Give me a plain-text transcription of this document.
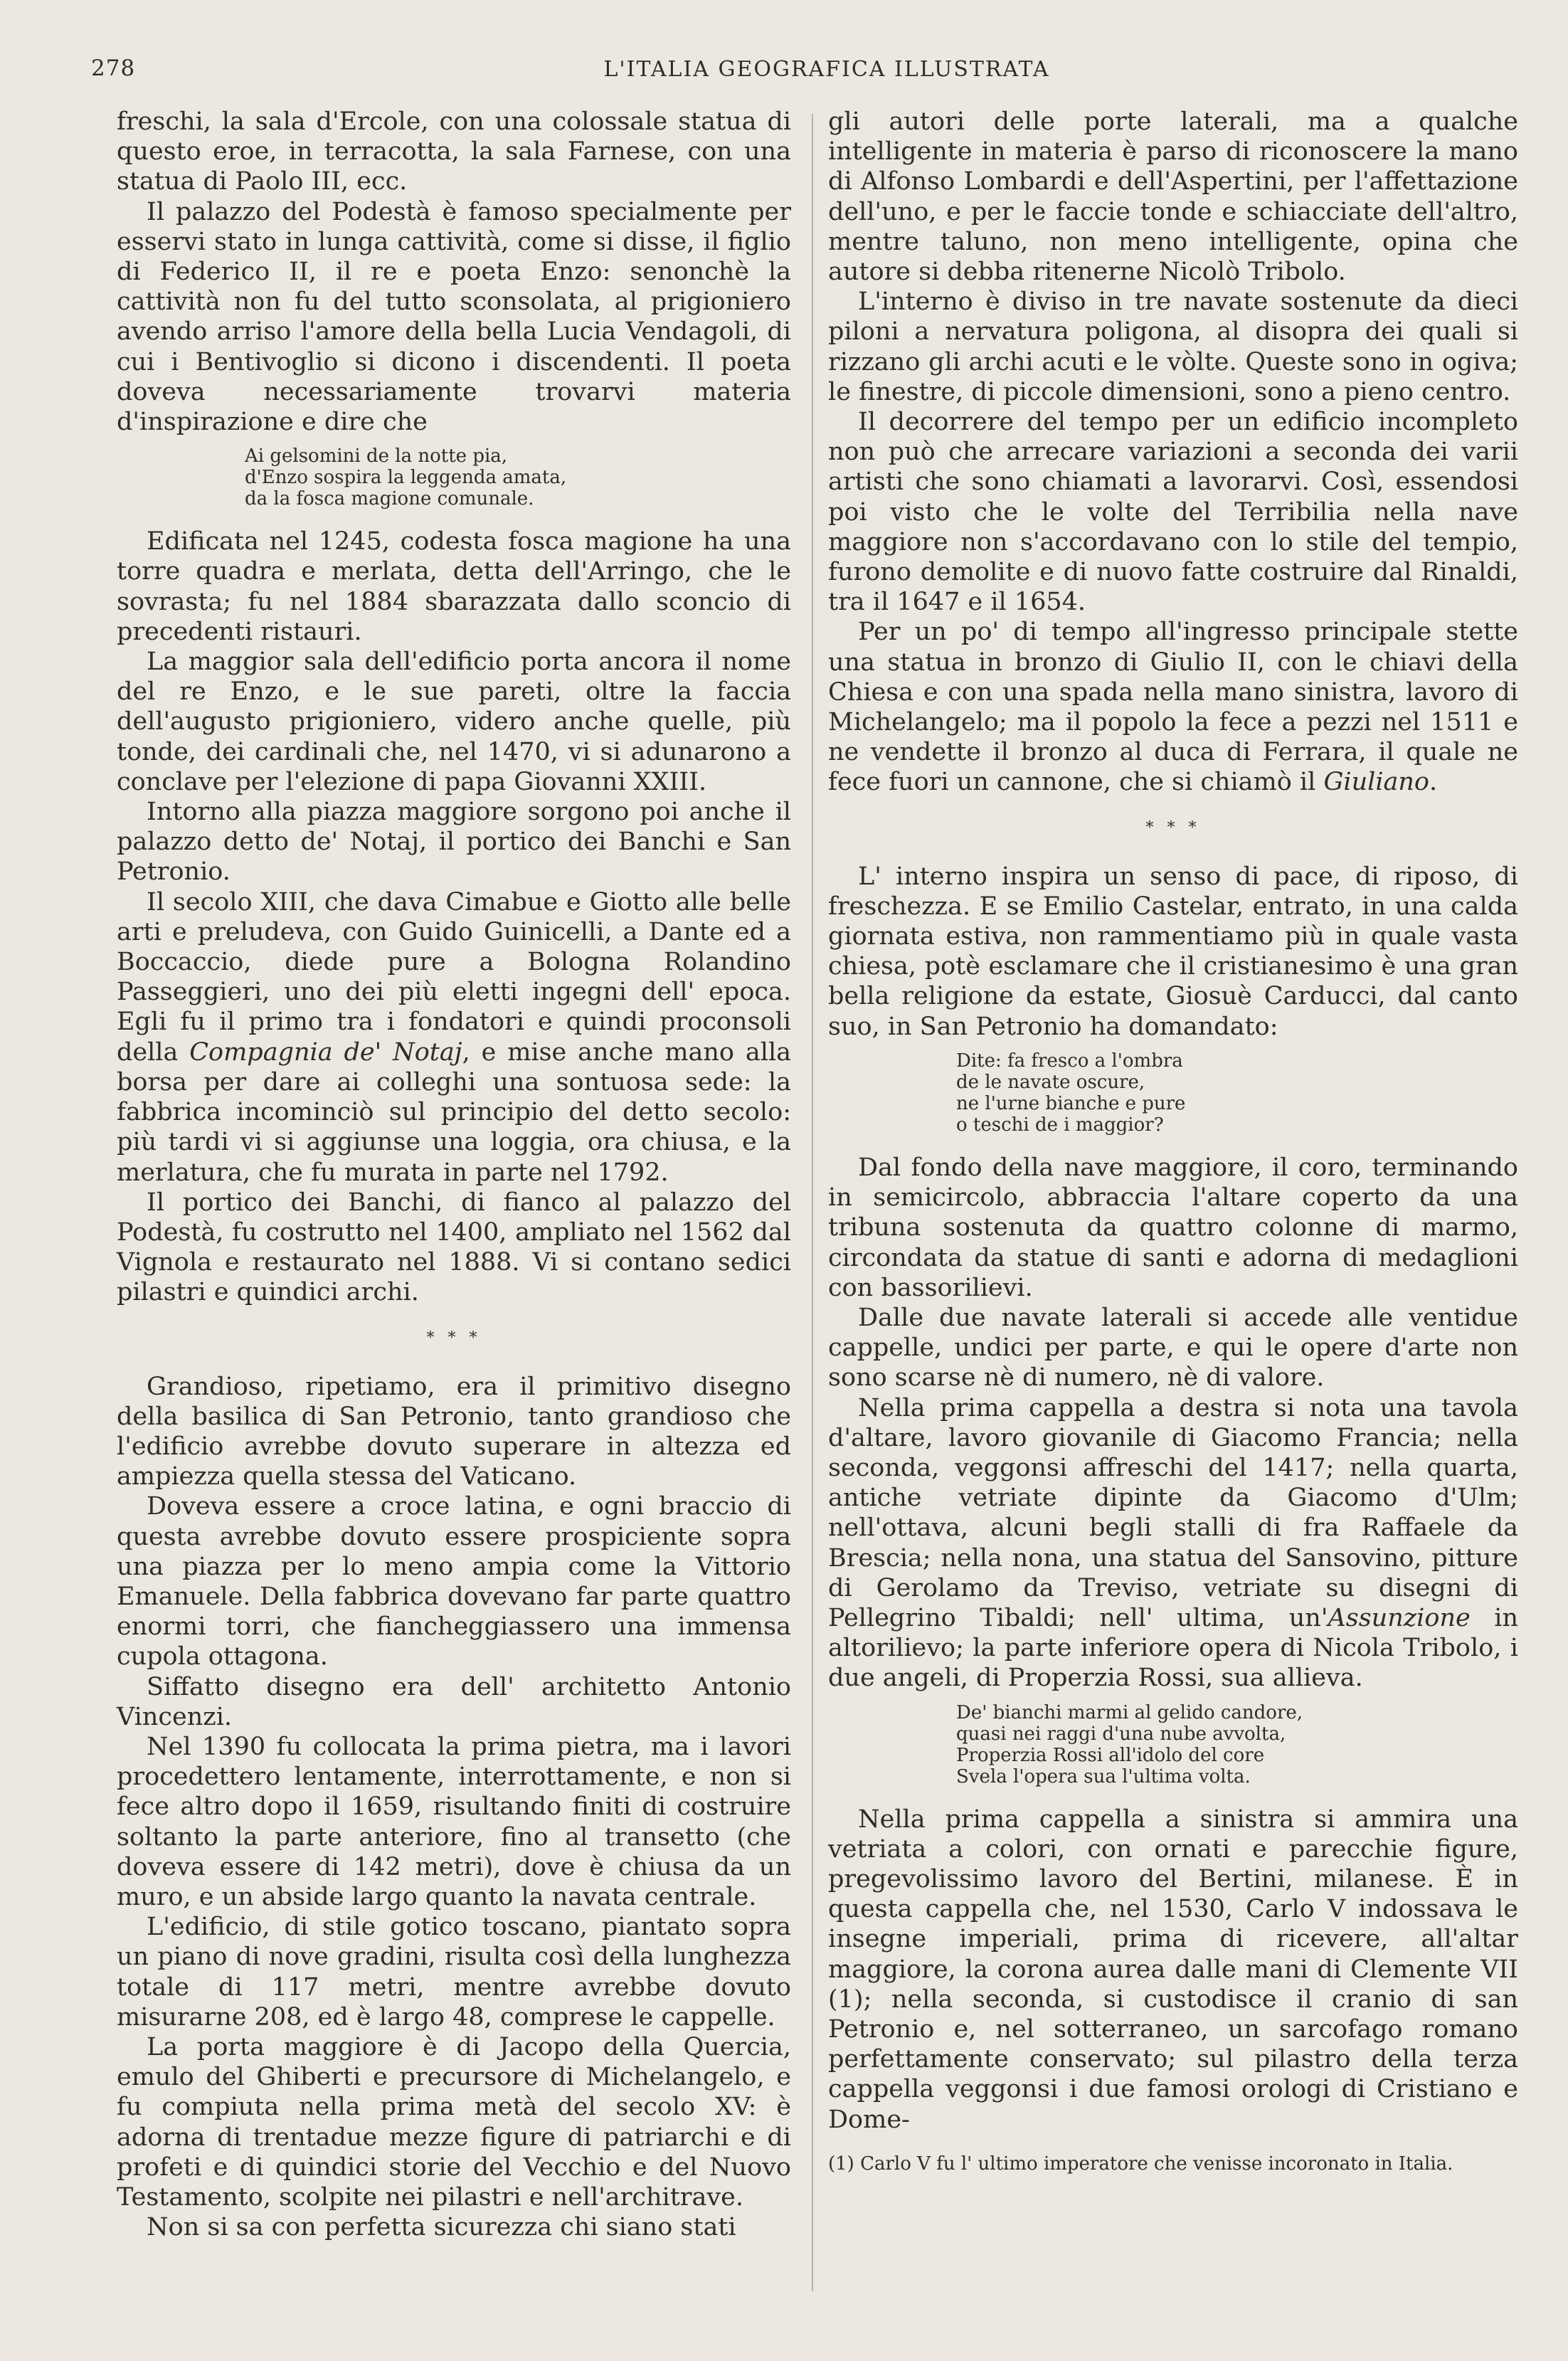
278	L'ITALIA GEOGRAFICA ILLUSTRATA

freschi, la sala d'Ercole, con una colossale statua di questo eroe, in terracotta, la sala Farnese, con una statua di Paolo III, ecc.

Il palazzo del Podestà è famoso specialmente per esservi stato in lunga cattività, come si disse, il figlio di Federico II, il re e poeta Enzo: senonchè la cattività non fu del tutto sconsolata, al prigioniero avendo arriso l'amore della bella Lucia Vendagoli, di cui i Bentivoglio si dicono i discendenti. Il poeta doveva necessariamente trovarvi materia d'inspirazione e dire che

Ai gelsomini de la notte pia,
d'Enzo sospira la leggenda amata,
da la fosca magione comunale.

Edificata nel 1245, codesta fosca magione ha una torre quadra e merlata, detta dell'Arringo, che le sovrasta; fu nel 1884 sbarazzata dallo sconcio di precedenti ristauri.

La maggior sala dell'edificio porta ancora il nome del re Enzo, e le sue pareti, oltre la faccia dell'augusto prigioniero, videro anche quelle, più tonde, dei cardinali che, nel 1470, vi si adunarono a conclave per l'elezione di papa Giovanni XXIII.

Intorno alla piazza maggiore sorgono poi anche il palazzo detto de' Notaj, il portico dei Banchi e San Petronio.

Il secolo XIII, che dava Cimabue e Giotto alle belle arti e preludeva, con Guido Guinicelli, a Dante ed a Boccaccio, diede pure a Bologna Rolandino Passeggieri, uno dei più eletti ingegni dell' epoca. Egli fu il primo tra i fondatori e quindi proconsoli della Compagnia de' Notaj, e mise anche mano alla borsa per dare ai colleghi una sontuosa sede: la fabbrica incominciò sul principio del detto secolo: più tardi vi si aggiunse una loggia, ora chiusa, e la merlatura, che fu murata in parte nel 1792.

Il portico dei Banchi, di fianco al palazzo del Podestà, fu costrutto nel 1400, ampliato nel 1562 dal Vignola e restaurato nel 1888. Vi si contano sedici pilastri e quindici archi.

* * *

Grandioso, ripetiamo, era il primitivo disegno della basilica di San Petronio, tanto grandioso che l'edificio avrebbe dovuto superare in altezza ed ampiezza quella stessa del Vaticano.

Doveva essere a croce latina, e ogni braccio di questa avrebbe dovuto essere prospiciente sopra una piazza per lo meno ampia come la Vittorio Emanuele. Della fabbrica dovevano far parte quattro enormi torri, che fiancheggiassero una immensa cupola ottagona.

Siffatto disegno era dell' architetto Antonio Vincenzi.

Nel 1390 fu collocata la prima pietra, ma i lavori procedettero lentamente, interrottamente, e non si fece altro dopo il 1659, risultando finiti di costruire soltanto la parte anteriore, fino al transetto (che doveva essere di 142 metri), dove è chiusa da un muro, e un abside largo quanto la navata centrale.

L'edificio, di stile gotico toscano, piantato sopra un piano di nove gradini, risulta così della lunghezza totale di 117 metri, mentre avrebbe dovuto misurarne 208, ed è largo 48, comprese le cappelle.

La porta maggiore è di Jacopo della Quercia, emulo del Ghiberti e precursore di Michelangelo, e fu compiuta nella prima metà del secolo XV: è adorna di trentadue mezze figure di patriarchi e di profeti e di quindici storie del Vecchio e del Nuovo Testamento, scolpite nei pilastri e nell'architrave.

Non si sa con perfetta sicurezza chi siano stati

gli autori delle porte laterali, ma a qualche intelligente in materia è parso di riconoscere la mano di Alfonso Lombardi e dell'Aspertini, per l'affettazione dell'uno, e per le faccie tonde e schiacciate dell'altro, mentre taluno, non meno intelligente, opina che autore si debba ritenerne Nicolò Tribolo.

L'interno è diviso in tre navate sostenute da dieci piloni a nervatura poligona, al disopra dei quali si rizzano gli archi acuti e le vòlte. Queste sono in ogiva; le finestre, di piccole dimensioni, sono a pieno centro.

Il decorrere del tempo per un edificio incompleto non può che arrecare variazioni a seconda dei varii artisti che sono chiamati a lavorarvi. Così, essendosi poi visto che le volte del Terribilia nella nave maggiore non s'accordavano con lo stile del tempio, furono demolite e di nuovo fatte costruire dal Rinaldi, tra il 1647 e il 1654.

Per un po' di tempo all'ingresso principale stette una statua in bronzo di Giulio II, con le chiavi della Chiesa e con una spada nella mano sinistra, lavoro di Michelangelo; ma il popolo la fece a pezzi nel 1511 e ne vendette il bronzo al duca di Ferrara, il quale ne fece fuori un cannone, che si chiamò il Giuliano.

* * *

L' interno inspira un senso di pace, di riposo, di freschezza. E se Emilio Castelar, entrato, in una calda giornata estiva, non rammentiamo più in quale vasta chiesa, potè esclamare che il cristianesimo è una gran bella religione da estate, Giosuè Carducci, dal canto suo, in San Petronio ha domandato:

Dite: fa fresco a l'ombra
de le navate oscure,
ne l'urne bianche e pure
o teschi de i maggior?

Dal fondo della nave maggiore, il coro, terminando in semicircolo, abbraccia l'altare coperto da una tribuna sostenuta da quattro colonne di marmo, circondata da statue di santi e adorna di medaglioni con bassorilievi.

Dalle due navate laterali si accede alle ventidue cappelle, undici per parte, e qui le opere d'arte non sono scarse nè di numero, nè di valore.

Nella prima cappella a destra si nota una tavola d'altare, lavoro giovanile di Giacomo Francia; nella seconda, veggonsi affreschi del 1417; nella quarta, antiche vetriate dipinte da Giacomo d'Ulm; nell'ottava, alcuni begli stalli di fra Raffaele da Brescia; nella nona, una statua del Sansovino, pitture di Gerolamo da Treviso, vetriate su disegni di Pellegrino Tibaldi; nell' ultima, un'Assunzione in altorilievo; la parte inferiore opera di Nicola Tribolo, i due angeli, di Properzia Rossi, sua allieva.

De' bianchi marmi al gelido candore,
quasi nei raggi d'una nube avvolta,
Properzia Rossi all'idolo del core
Svela l'opera sua l'ultima volta.

Nella prima cappella a sinistra si ammira una vetriata a colori, con ornati e parecchie figure, pregevolissimo lavoro del Bertini, milanese. È in questa cappella che, nel 1530, Carlo V indossava le insegne imperiali, prima di ricevere, all'altar maggiore, la corona aurea dalle mani di Clemente VII (1); nella seconda, si custodisce il cranio di san Petronio e, nel sotterraneo, un sarcofago romano perfettamente conservato; sul pilastro della terza cappella veggonsi i due famosi orologi di Cristiano e Dome-

(1) Carlo V fu l' ultimo imperatore che venisse incoronato in Italia.
